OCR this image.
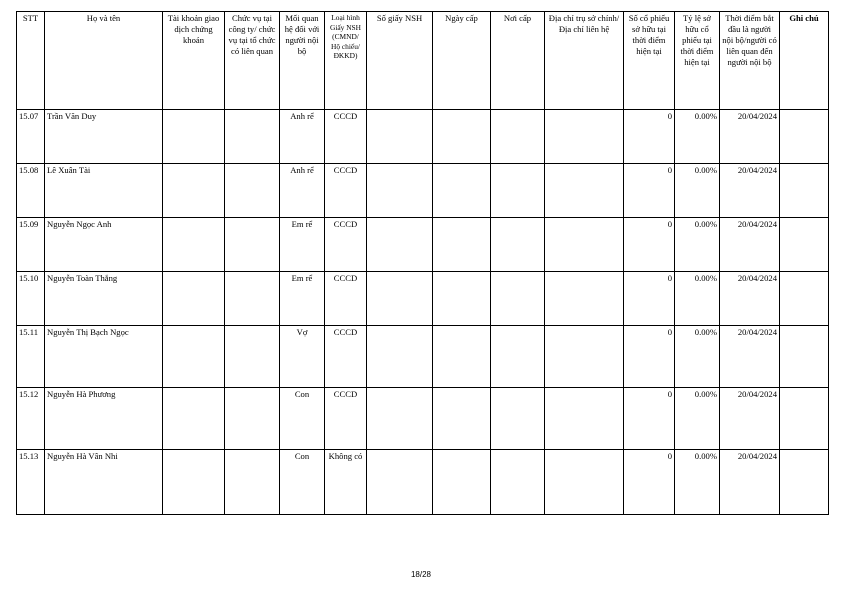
STT	Họ và tên	Tài khoản giao dịch chứng khoán	Chức vụ tại công ty/ chức vụ tại tổ chức có liên quan	Mối quan hệ đối với người nội bộ	Loại hình Giấy NSH (CMND/ Hộ chiếu/ ĐKKD)	Số giấy NSH	Ngày cấp	Nơi cấp	Địa chỉ trụ sở chính/Địa chỉ liên hệ	Số cổ phiếu sở hữu tại thời điểm hiện tại	Tỷ lệ sở hữu cổ phiếu tại thời điểm hiện tại	Thời điểm bắt đầu là người nội bộ/người có liên quan đến người nội bộ	Ghi chú
15.07	Trần Văn Duy			Anh rể	CCCD					0	0.00%	20/04/2024	
15.08	Lê Xuân Tài			Anh rể	CCCD					0	0.00%	20/04/2024	
15.09	Nguyễn Ngọc Anh			Em rể	CCCD					0	0.00%	20/04/2024	
15.10	Nguyễn Toàn Thắng			Em rể	CCCD					0	0.00%	20/04/2024	
15.11	Nguyễn Thị Bạch Ngọc			Vợ	CCCD					0	0.00%	20/04/2024	
15.12	Nguyễn Hà Phương			Con	CCCD					0	0.00%	20/04/2024	
15.13	Nguyễn Hà Vân Nhi			Con	Không có					0	0.00%	20/04/2024	
18/28
